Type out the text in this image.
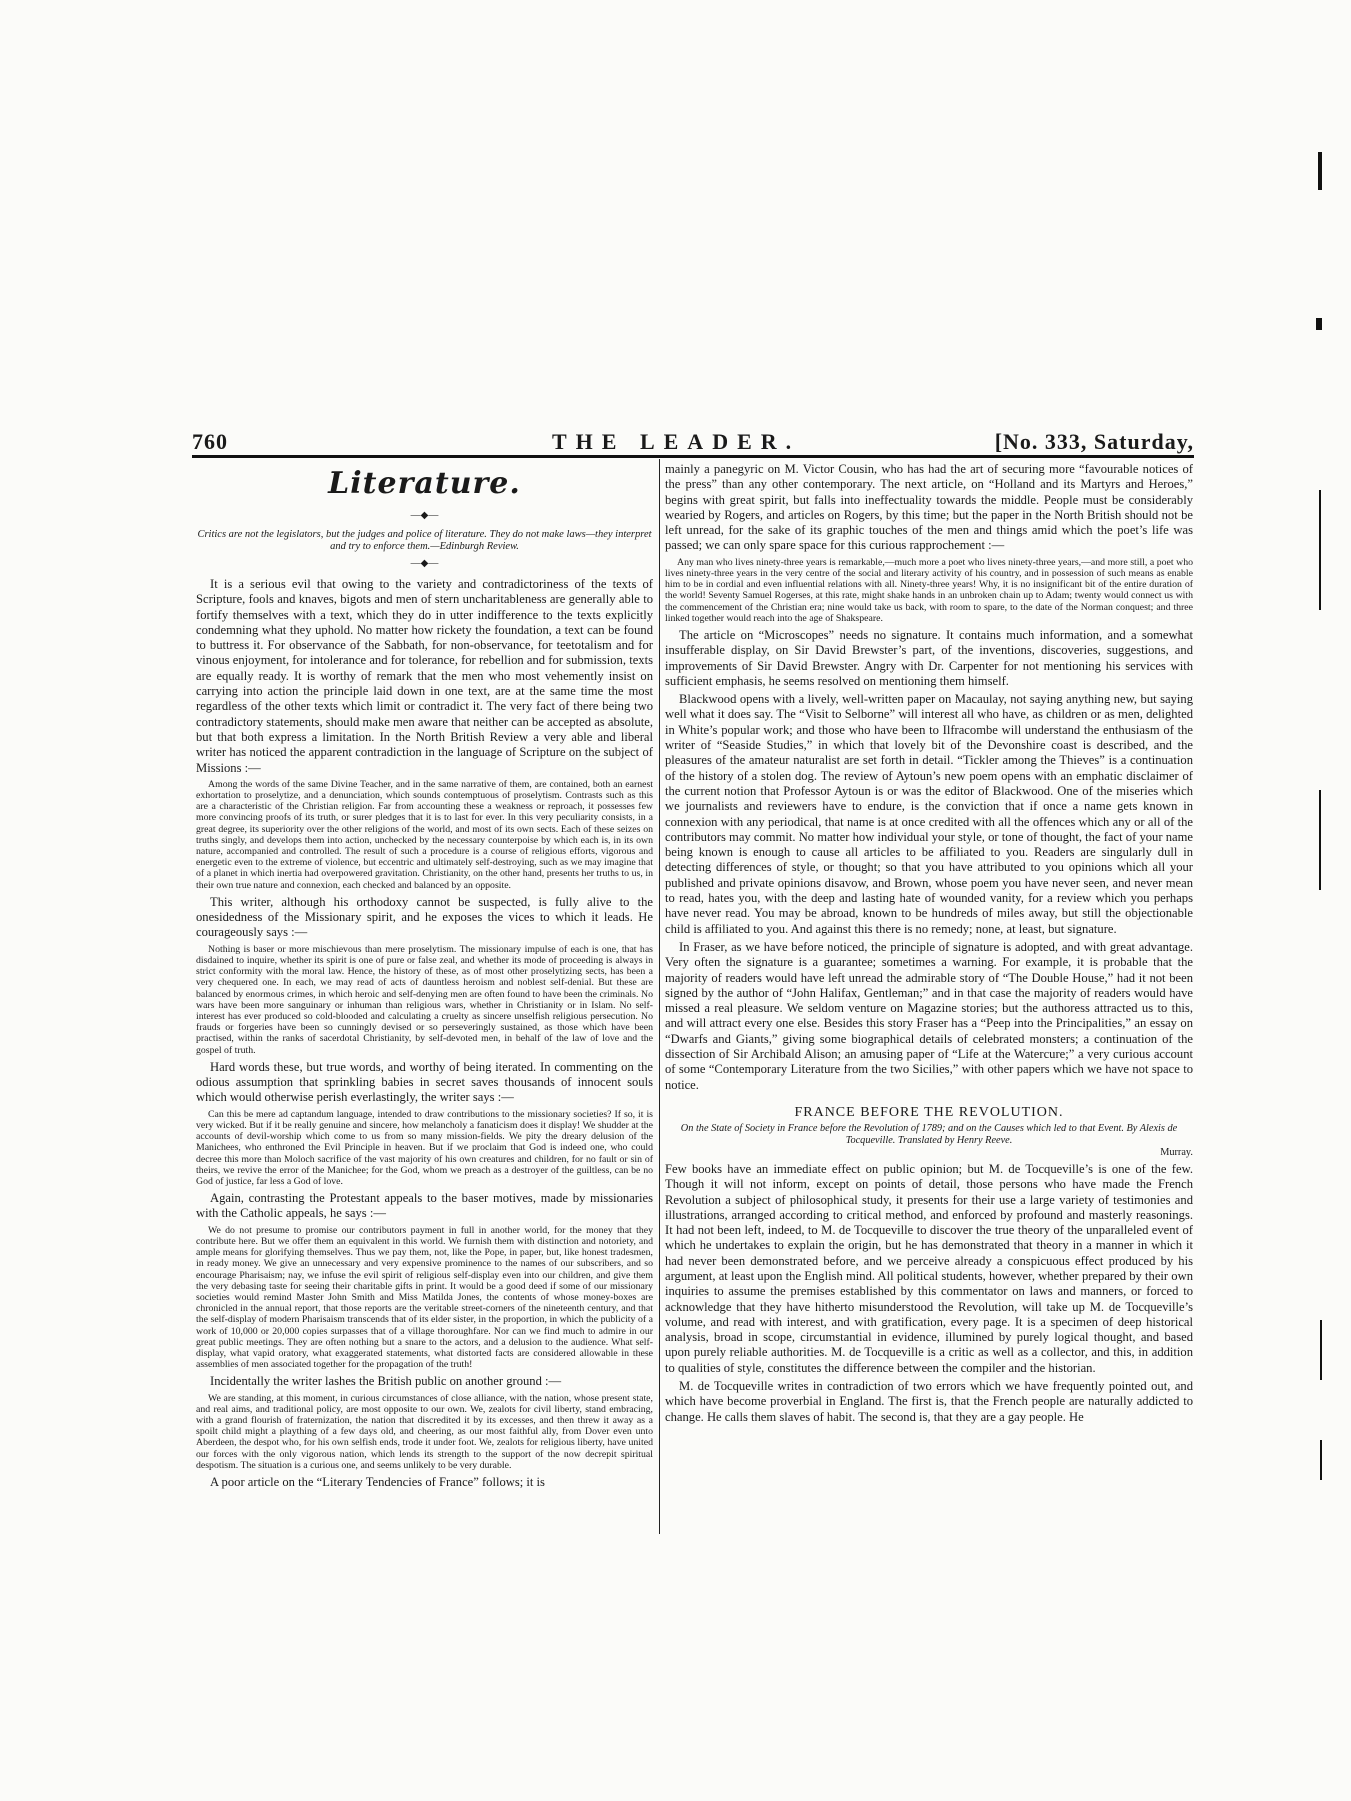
760	THE LEADER.	[No. 333, Saturday,
Literature.
—◆—
Critics are not the legislators, but the judges and police of literature. They do not make laws—they interpret and try to enforce them.—Edinburgh Review.
—◆—

It is a serious evil that owing to the variety and contradictoriness of the texts of Scripture, fools and knaves, bigots and men of stern uncharitableness are generally able to fortify themselves with a text, which they do in utter indifference to the texts explicitly condemning what they uphold. No matter how rickety the foundation, a text can be found to buttress it. For observance of the Sabbath, for non-observance, for teetotalism and for vinous enjoyment, for intolerance and for tolerance, for rebellion and for submission, texts are equally ready. It is worthy of remark that the men who most vehemently insist on carrying into action the principle laid down in one text, are at the same time the most regardless of the other texts which limit or contradict it. The very fact of there being two contradictory statements, should make men aware that neither can be accepted as absolute, but that both express a limitation. In the North British Review a very able and liberal writer has noticed the apparent contradiction in the language of Scripture on the subject of Missions :—

Among the words of the same Divine Teacher, and in the same narrative of them, are contained, both an earnest exhortation to proselytize, and a denunciation, which sounds contemptuous of proselytism. Contrasts such as this are a characteristic of the Christian religion. Far from accounting these a weakness or reproach, it possesses few more convincing proofs of its truth, or surer pledges that it is to last for ever. In this very peculiarity consists, in a great degree, its superiority over the other religions of the world, and most of its own sects. Each of these seizes on truths singly, and develops them into action, unchecked by the necessary counterpoise by which each is, in its own nature, accompanied and controlled. The result of such a procedure is a course of religious efforts, vigorous and energetic even to the extreme of violence, but eccentric and ultimately self-destroying, such as we may imagine that of a planet in which inertia had overpowered gravitation. Christianity, on the other hand, presents her truths to us, in their own true nature and connexion, each checked and balanced by an opposite.

This writer, although his orthodoxy cannot be suspected, is fully alive to the onesidedness of the Missionary spirit, and he exposes the vices to which it leads. He courageously says :—

Nothing is baser or more mischievous than mere proselytism. The missionary impulse of each is one, that has disdained to inquire, whether its spirit is one of pure or false zeal, and whether its mode of proceeding is always in strict conformity with the moral law. Hence, the history of these, as of most other proselytizing sects, has been a very chequered one. In each, we may read of acts of dauntless heroism and noblest self-denial. But these are balanced by enormous crimes, in which heroic and self-denying men are often found to have been the criminals. No wars have been more sanguinary or inhuman than religious wars, whether in Christianity or in Islam. No self-interest has ever produced so cold-blooded and calculating a cruelty as sincere unselfish religious persecution. No frauds or forgeries have been so cunningly devised or so perseveringly sustained, as those which have been practised, within the ranks of sacerdotal Christianity, by self-devoted men, in behalf of the law of love and the gospel of truth.

Hard words these, but true words, and worthy of being iterated. In commenting on the odious assumption that sprinkling babies in secret saves thousands of innocent souls which would otherwise perish everlastingly, the writer says :—

Can this be mere ad captandum language, intended to draw contributions to the missionary societies? If so, it is very wicked. But if it be really genuine and sincere, how melancholy a fanaticism does it display! We shudder at the accounts of devil-worship which come to us from so many mission-fields. We pity the dreary delusion of the Manichees, who enthroned the Evil Principle in heaven. But if we proclaim that God is indeed one, who could decree this more than Moloch sacrifice of the vast majority of his own creatures and children, for no fault or sin of theirs, we revive the error of the Manichee; for the God, whom we preach as a destroyer of the guiltless, can be no God of justice, far less a God of love.

Again, contrasting the Protestant appeals to the baser motives, made by missionaries with the Catholic appeals, he says :—

We do not presume to promise our contributors payment in full in another world, for the money that they contribute here. But we offer them an equivalent in this world. We furnish them with distinction and notoriety, and ample means for glorifying themselves. Thus we pay them, not, like the Pope, in paper, but, like honest tradesmen, in ready money. We give an unnecessary and very expensive prominence to the names of our subscribers, and so encourage Pharisaism; nay, we infuse the evil spirit of religious self-display even into our children, and give them the very debasing taste for seeing their charitable gifts in print. It would be a good deed if some of our missionary societies would remind Master John Smith and Miss Matilda Jones, the contents of whose money-boxes are chronicled in the annual report, that those reports are the veritable street-corners of the nineteenth century, and that the self-display of modern Pharisaism transcends that of its elder sister, in the proportion, in which the publicity of a work of 10,000 or 20,000 copies surpasses that of a village thoroughfare. Nor can we find much to admire in our great public meetings. They are often nothing but a snare to the actors, and a delusion to the audience. What self-display, what vapid oratory, what exaggerated statements, what distorted facts are considered allowable in these assemblies of men associated together for the propagation of the truth!

Incidentally the writer lashes the British public on another ground :—

We are standing, at this moment, in curious circumstances of close alliance, with the nation, whose present state, and real aims, and traditional policy, are most opposite to our own. We, zealots for civil liberty, stand embracing, with a grand flourish of fraternization, the nation that discredited it by its excesses, and then threw it away as a spoilt child might a plaything of a few days old, and cheering, as our most faithful ally, from Dover even unto Aberdeen, the despot who, for his own selfish ends, trode it under foot. We, zealots for religious liberty, have united our forces with the only vigorous nation, which lends its strength to the support of the now decrepit spiritual despotism. The situation is a curious one, and seems unlikely to be very durable.

A poor article on the “Literary Tendencies of France” follows; it is

mainly a panegyric on M. Victor Cousin, who has had the art of securing more “favourable notices of the press” than any other contemporary. The next article, on “Holland and its Martyrs and Heroes,” begins with great spirit, but falls into ineffectuality towards the middle. People must be considerably wearied by Rogers, and articles on Rogers, by this time; but the paper in the North British should not be left unread, for the sake of its graphic touches of the men and things amid which the poet’s life was passed; we can only spare space for this curious rapprochement :—

Any man who lives ninety-three years is remarkable,—much more a poet who lives ninety-three years,—and more still, a poet who lives ninety-three years in the very centre of the social and literary activity of his country, and in possession of such means as enable him to be in cordial and even influential relations with all. Ninety-three years! Why, it is no insignificant bit of the entire duration of the world! Seventy Samuel Rogerses, at this rate, might shake hands in an unbroken chain up to Adam; twenty would connect us with the commencement of the Christian era; nine would take us back, with room to spare, to the date of the Norman conquest; and three linked together would reach into the age of Shakspeare.

The article on “Microscopes” needs no signature. It contains much information, and a somewhat insufferable display, on Sir David Brewster’s part, of the inventions, discoveries, suggestions, and improvements of Sir David Brewster. Angry with Dr. Carpenter for not mentioning his services with sufficient emphasis, he seems resolved on mentioning them himself.

Blackwood opens with a lively, well-written paper on Macaulay, not saying anything new, but saying well what it does say. The “Visit to Selborne” will interest all who have, as children or as men, delighted in White’s popular work; and those who have been to Ilfracombe will understand the enthusiasm of the writer of “Seaside Studies,” in which that lovely bit of the Devonshire coast is described, and the pleasures of the amateur naturalist are set forth in detail. “Tickler among the Thieves” is a continuation of the history of a stolen dog. The review of Aytoun’s new poem opens with an emphatic disclaimer of the current notion that Professor Aytoun is or was the editor of Blackwood. One of the miseries which we journalists and reviewers have to endure, is the conviction that if once a name gets known in connexion with any periodical, that name is at once credited with all the offences which any or all of the contributors may commit. No matter how individual your style, or tone of thought, the fact of your name being known is enough to cause all articles to be affiliated to you. Readers are singularly dull in detecting differences of style, or thought; so that you have attributed to you opinions which all your published and private opinions disavow, and Brown, whose poem you have never seen, and never mean to read, hates you, with the deep and lasting hate of wounded vanity, for a review which you perhaps have never read. You may be abroad, known to be hundreds of miles away, but still the objectionable child is affiliated to you. And against this there is no remedy; none, at least, but signature.

In Fraser, as we have before noticed, the principle of signature is adopted, and with great advantage. Very often the signature is a guarantee; sometimes a warning. For example, it is probable that the majority of readers would have left unread the admirable story of “The Double House,” had it not been signed by the author of “John Halifax, Gentleman;” and in that case the majority of readers would have missed a real pleasure. We seldom venture on Magazine stories; but the authoress attracted us to this, and will attract every one else. Besides this story Fraser has a “Peep into the Principalities,” an essay on “Dwarfs and Giants,” giving some biographical details of celebrated monsters; a continuation of the dissection of Sir Archibald Alison; an amusing paper of “Life at the Watercure;” a very curious account of some “Contemporary Literature from the two Sicilies,” with other papers which we have not space to notice.

FRANCE BEFORE THE REVOLUTION.
On the State of Society in France before the Revolution of 1789; and on the Causes which led to that Event. By Alexis de Tocqueville. Translated by Henry Reeve.
Murray.

Few books have an immediate effect on public opinion; but M. de Tocqueville’s is one of the few. Though it will not inform, except on points of detail, those persons who have made the French Revolution a subject of philosophical study, it presents for their use a large variety of testimonies and illustrations, arranged according to critical method, and enforced by profound and masterly reasonings. It had not been left, indeed, to M. de Tocqueville to discover the true theory of the unparalleled event of which he undertakes to explain the origin, but he has demonstrated that theory in a manner in which it had never been demonstrated before, and we perceive already a conspicuous effect produced by his argument, at least upon the English mind. All political students, however, whether prepared by their own inquiries to assume the premises established by this commentator on laws and manners, or forced to acknowledge that they have hitherto misunderstood the Revolution, will take up M. de Tocqueville’s volume, and read with interest, and with gratification, every page. It is a specimen of deep historical analysis, broad in scope, circumstantial in evidence, illumined by purely logical thought, and based upon purely reliable authorities. M. de Tocqueville is a critic as well as a collector, and this, in addition to qualities of style, constitutes the difference between the compiler and the historian.

M. de Tocqueville writes in contradiction of two errors which we have frequently pointed out, and which have become proverbial in England. The first is, that the French people are naturally addicted to change. He calls them slaves of habit. The second is, that they are a gay people. He
